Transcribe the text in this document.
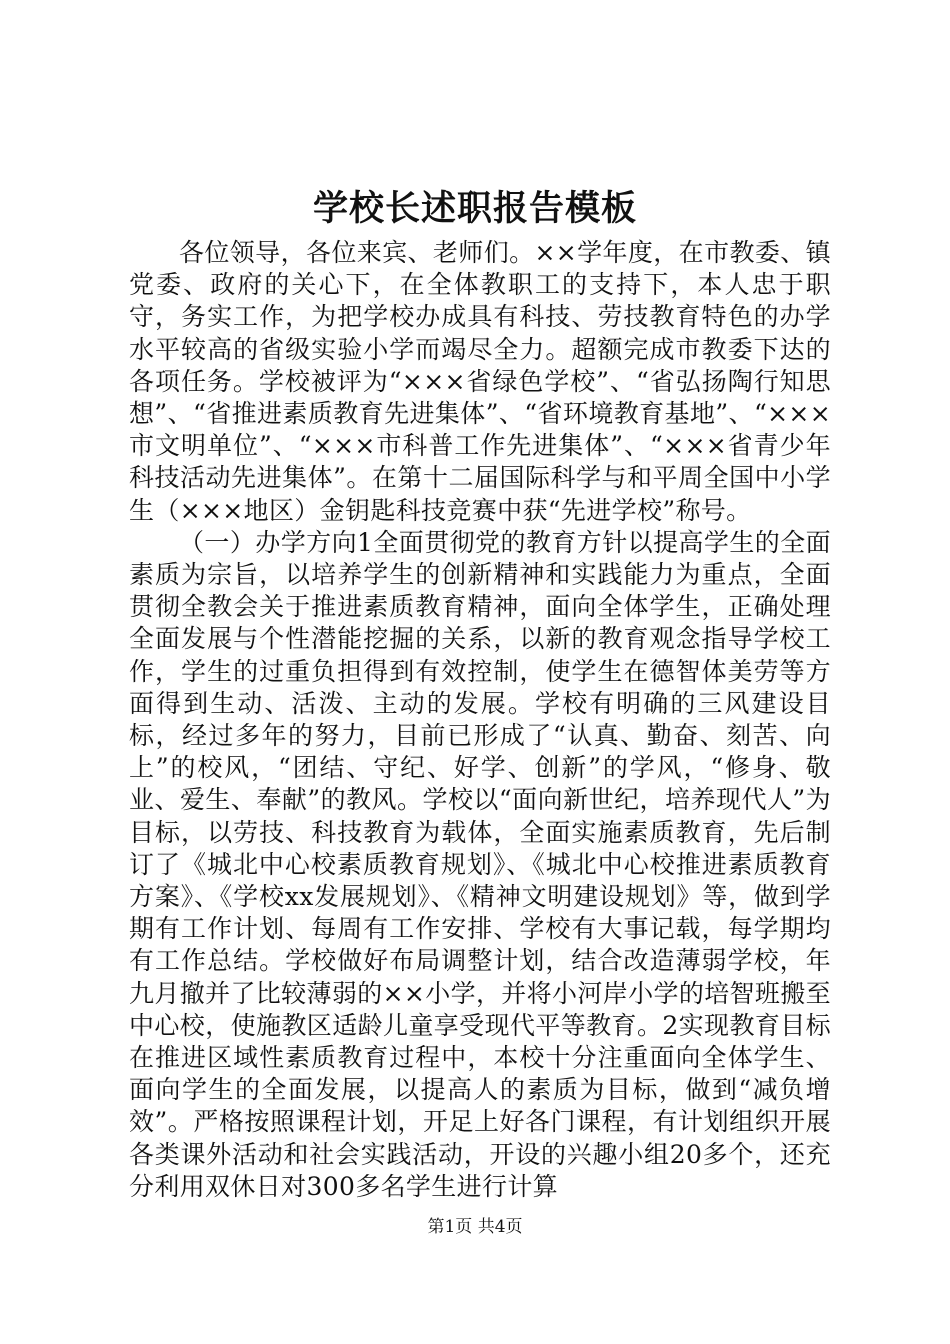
学校长述职报告模板

各位领导，各位来宾、老师们。××学年度，在市教委、镇党委、政府的关心下，在全体教职工的支持下，本人忠于职守，务实工作，为把学校办成具有科技、劳技教育特色的办学水平较高的省级实验小学而竭尽全力。超额完成市教委下达的各项任务。学校被评为“×××省绿色学校”、“省弘扬陶行知思想”、“省推进素质教育先进集体”、“省环境教育基地”、“×××市文明单位”、“×××市科普工作先进集体”、“×××省青少年科技活动先进集体”。在第十二届国际科学与和平周全国中小学生（×××地区）金钥匙科技竞赛中获“先进学校”称号。

（一）办学方向1全面贯彻党的教育方针以提高学生的全面素质为宗旨，以培养学生的创新精神和实践能力为重点，全面贯彻全教会关于推进素质教育精神，面向全体学生，正确处理全面发展与个性潜能挖掘的关系，以新的教育观念指导学校工作，学生的过重负担得到有效控制，使学生在德智体美劳等方面得到生动、活泼、主动的发展。学校有明确的三风建设目标，经过多年的努力，目前已形成了“认真、勤奋、刻苦、向上”的校风，“团结、守纪、好学、创新”的学风，“修身、敬业、爱生、奉献”的教风。学校以“面向新世纪，培养现代人”为目标，以劳技、科技教育为载体，全面实施素质教育，先后制订了《城北中心校素质教育规划》、《城北中心校推进素质教育方案》、《学校xx发展规划》、《精神文明建设规划》等，做到学期有工作计划、每周有工作安排、学校有大事记载，每学期均有工作总结。学校做好布局调整计划，结合改造薄弱学校，年九月撤并了比较薄弱的××小学，并将小河岸小学的培智班搬至中心校，使施教区适龄儿童享受现代平等教育。2实现教育目标在推进区域性素质教育过程中，本校十分注重面向全体学生、面向学生的全面发展，以提高人的素质为目标，做到“减负增效”。严格按照课程计划，开足上好各门课程，有计划组织开展各类课外活动和社会实践活动，开设的兴趣小组20多个，还充分利用双休日对300多名学生进行计算

第1页 共4页
